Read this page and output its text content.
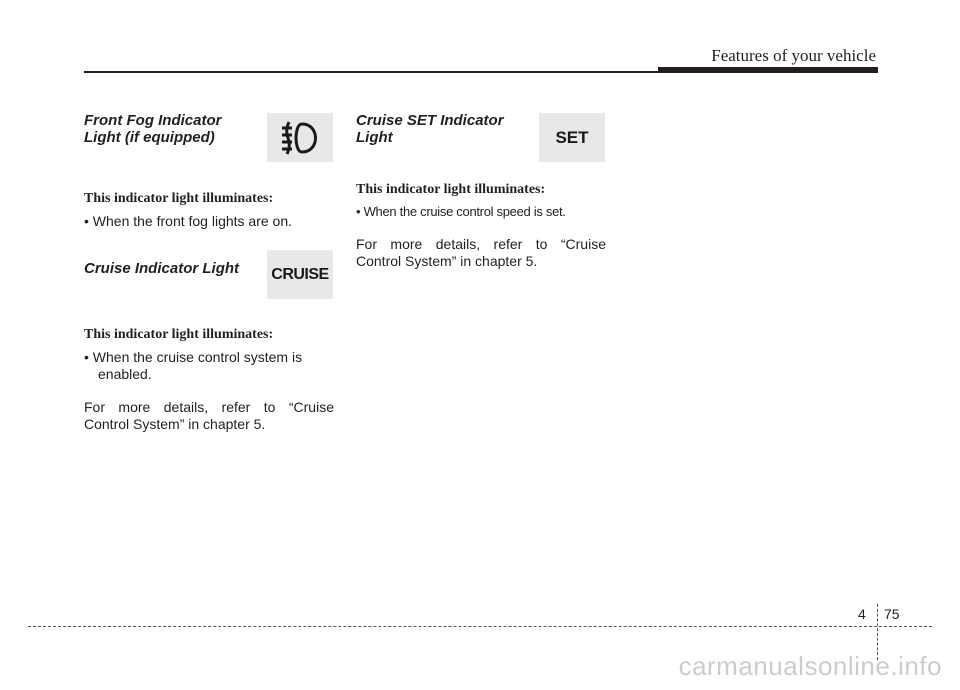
Features of your vehicle

Front Fog Indicator
Light (if equipped)

This indicator light illuminates:

• When the front fog lights are on.

Cruise Indicator Light

This indicator light illuminates:

• When the cruise control system is enabled.

For more details, refer to “Cruise Control System” in chapter 5.

CRUISE

Cruise SET Indicator
Light

This indicator light illuminates:

• When the cruise control speed is set.

For more details, refer to “Cruise Control System” in chapter 5.

SET
4 75
carmanualsonline.info
